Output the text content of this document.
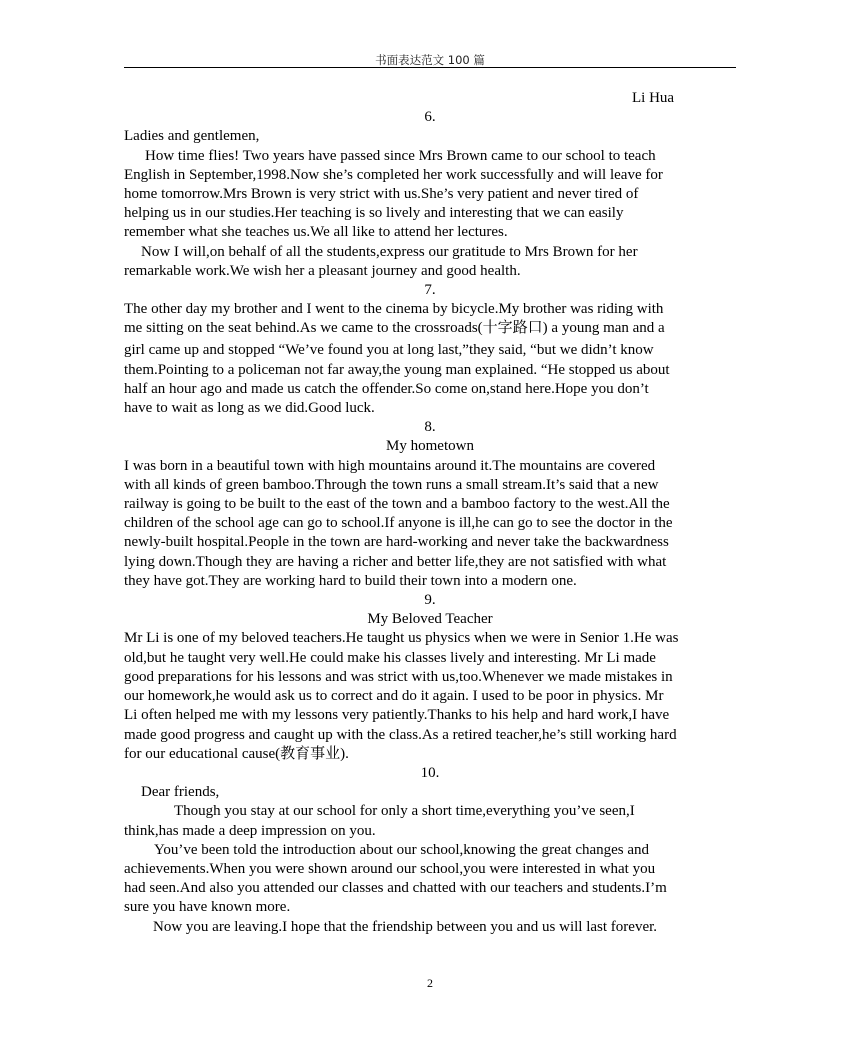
书面表达范文 100 篇
Li Hua
6.
Ladies and gentlemen,
How time flies! Two years have passed since Mrs Brown came to our school to teach
English in September,1998.Now she’s completed her work successfully and will leave for
home tomorrow.Mrs Brown is very strict with us.She’s very patient and never tired of
helping us in our studies.Her teaching is so lively and interesting that we can easily
remember what she teaches us.We all like to attend her lectures.
Now I will,on behalf of all the students,express our gratitude to Mrs Brown for her
remarkable work.We wish her a pleasant journey and good health.
7.
The other day my brother and I went to the cinema by bicycle.My brother was riding with
me sitting on the seat behind.As we came to the crossroads(十字路口) a young man and a
girl came up and stopped “We’ve found you at long last,”they said, “but we didn’t know
them.Pointing to a policeman not far away,the young man explained. “He stopped us about
half an hour ago and made us catch the offender.So come on,stand here.Hope you don’t
have to wait as long as we did.Good luck.
8.
My hometown
I was born in a beautiful town with high mountains around it.The mountains are covered
with all kinds of green bamboo.Through the town runs a small stream.It’s said that a new
railway is going to be built to the east of the town and a bamboo factory to the west.All the
children of the school age can go to school.If anyone is ill,he can go to see the doctor in the
newly-built hospital.People in the town are hard-working and never take the backwardness
lying down.Though they are having a richer and better life,they are not satisfied with what
they have got.They are working hard to build their town into a modern one.
9.
My Beloved Teacher
Mr Li is one of my beloved teachers.He taught us physics when we were in Senior 1.He was
old,but he taught very well.He could make his classes lively and interesting. Mr Li made
good preparations for his lessons and was strict with us,too.Whenever we made mistakes in
our homework,he would ask us to correct and do it again. I used to be poor in physics. Mr
Li often helped me with my lessons very patiently.Thanks to his help and hard work,I have
made good progress and caught up with the class.As a retired teacher,he’s still working hard
for our educational cause(教育事业).
10.
Dear friends,
Though you stay at our school for only a short time,everything you’ve seen,I
think,has made a deep impression on you.
You’ve been told the introduction about our school,knowing the great changes and
achievements.When you were shown around our school,you were interested in what you
had seen.And also you attended our classes and chatted with our teachers and students.I’m
sure you have known more.
Now you are leaving.I hope that the friendship between you and us will last forever.
2
